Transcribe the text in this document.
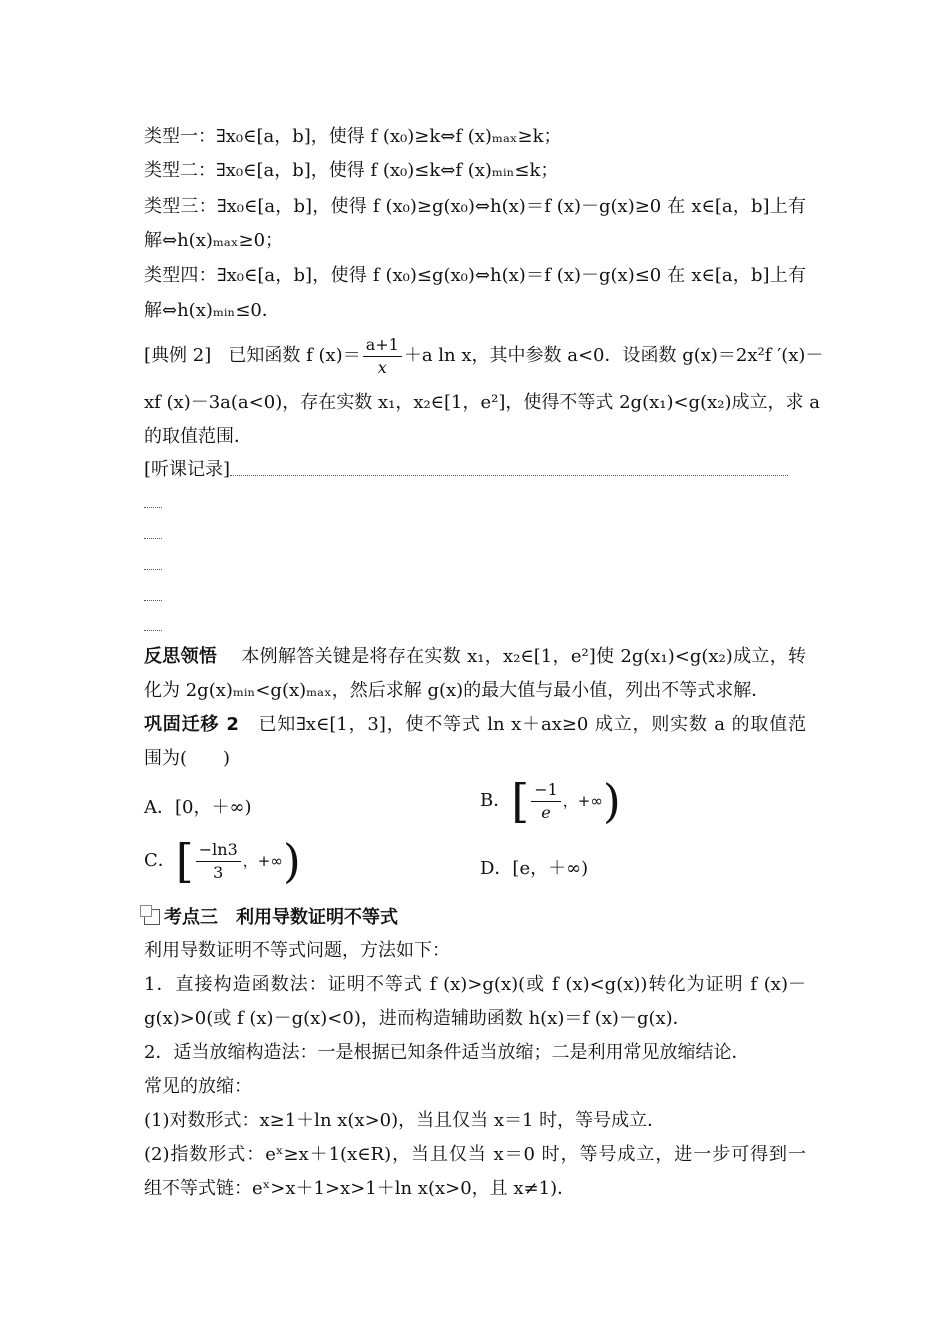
类型一：∃x₀∈[a，b]，使得 f (x₀)≥k⇔f (x)ₘₐₓ≥k；
类型二：∃x₀∈[a，b]，使得 f (x₀)≤k⇔f (x)ₘᵢₙ≤k；
类型三：∃x₀∈[a，b]，使得 f (x₀)≥g(x₀)⇔h(x)＝f (x)－g(x)≥0 在 x∈[a，b]上有
解⇔h(x)ₘₐₓ≥0；
类型四：∃x₀∈[a，b]，使得 f (x₀)≤g(x₀)⇔h(x)＝f (x)－g(x)≤0 在 x∈[a，b]上有
解⇔h(x)ₘᵢₙ≤0．
[典例 2] 已知函数 f $(x)= \frac{a+1}{x} +a$ ln x，其中参数 a<0．设函数 g(x)＝2x²f ′(x)－
xf (x)－3a(a<0)，存在实数 x₁，x₂∈[1，e²]，使得不等式 2g(x₁)<g(x₂)成立，求 a
的取值范围．
[听课记录]
反思领悟 本例解答关键是将存在实数 x₁，x₂∈[1，e²]使 2g(x₁)<g(x₂)成立，转
化为 2g(x)ₘᵢₙ<g(x)ₘₐₓ，然后求解 g(x)的最大值与最小值，列出不等式求解．
巩固迁移 2 已知∃x∈[1，3]，使不等式 ln x＋ax≥0 成立，则实数 a 的取值范
围为(　　)
A．[0，＋∞)	B．[ $\frac{-1}{e}$ ，+∞)
C．[ $\frac{-\ln 3}{3}$ ，+∞)	D．[e，＋∞)
考点三　利用导数证明不等式
利用导数证明不等式问题，方法如下：
1．直接构造函数法：证明不等式 f (x)>g(x)(或 f (x)<g(x))转化为证明 f (x)－
g(x)>0(或 f (x)－g(x)<0)，进而构造辅助函数 h(x)＝f (x)－g(x)．
2．适当放缩构造法：一是根据已知条件适当放缩；二是利用常见放缩结论．
常见的放缩：
(1)对数形式：x≥1＋ln x(x>0)，当且仅当 x＝1 时，等号成立．
(2)指数形式：eˣ≥x＋1(x∈R)，当且仅当 x＝0 时，等号成立，进一步可得到一
组不等式链：eˣ>x＋1>x>1＋ln x(x>0，且 x≠1)．
